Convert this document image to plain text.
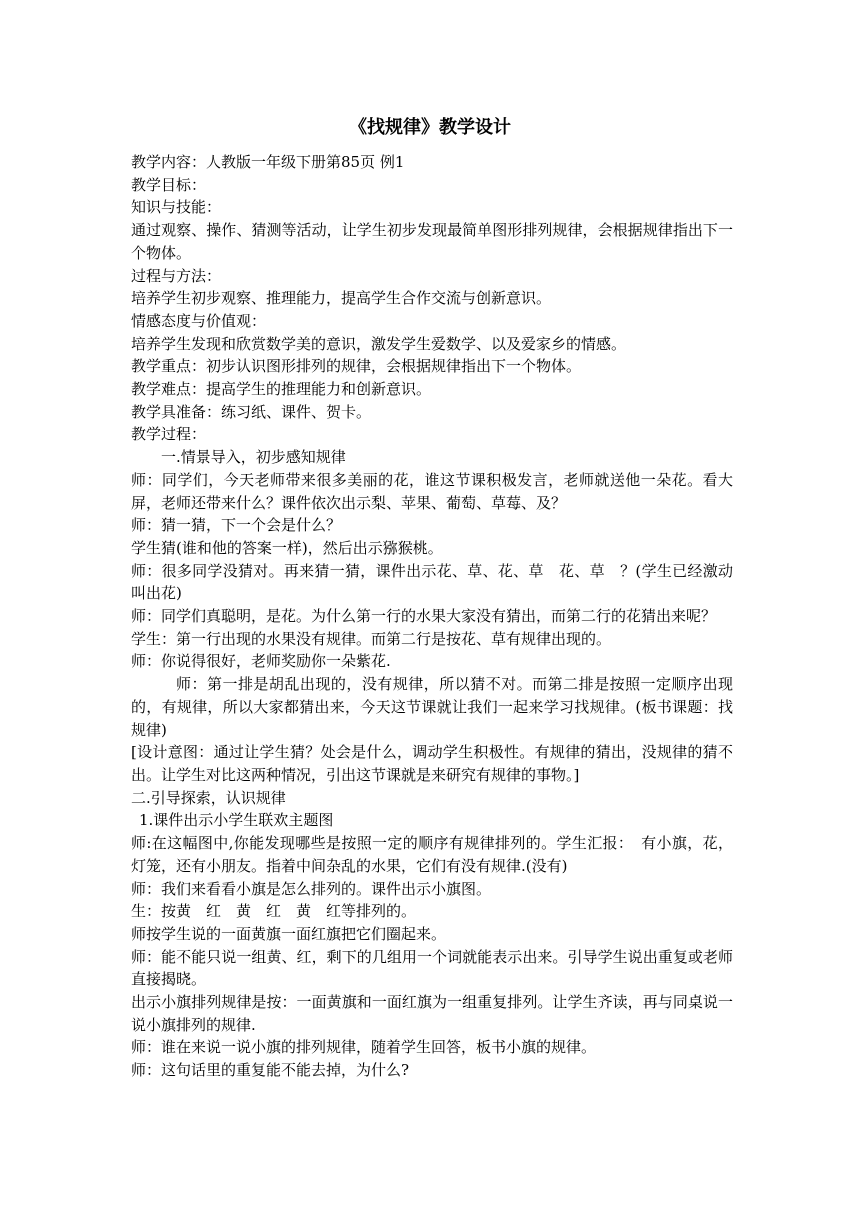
《找规律》教学设计

教学内容：人教版一年级下册第85页 例1

教学目标：

知识与技能：

通过观察、操作、猜测等活动，让学生初步发现最简单图形排列规律，会根据规律指出下一个物体。

过程与方法：

培养学生初步观察、推理能力，提高学生合作交流与创新意识。

情感态度与价值观：

培养学生发现和欣赏数学美的意识，激发学生爱数学、以及爱家乡的情感。

教学重点：初步认识图形排列的规律，会根据规律指出下一个物体。

教学难点：提高学生的推理能力和创新意识。

教学具准备：练习纸、课件、贺卡。

教学过程：

一.情景导入，初步感知规律

师：同学们，今天老师带来很多美丽的花，谁这节课积极发言，老师就送他一朵花。看大屏，老师还带来什么？课件依次出示梨、苹果、葡萄、草莓、及？

师：猜一猜，下一个会是什么？

学生猜(谁和他的答案一样)，然后出示猕猴桃。

师：很多同学没猜对。再来猜一猜，课件出示花、草、花、草　花、草　？(学生已经激动叫出花)

师：同学们真聪明，是花。为什么第一行的水果大家没有猜出，而第二行的花猜出来呢？

学生：第一行出现的水果没有规律。而第二行是按花、草有规律出现的。

师：你说得很好，老师奖励你一朵紫花.

师：第一排是胡乱出现的，没有规律，所以猜不对。而第二排是按照一定顺序出现的，有规律，所以大家都猜出来，今天这节课就让我们一起来学习找规律。(板书课题：找规律)

[设计意图：通过让学生猜？处会是什么，调动学生积极性。有规律的猜出，没规律的猜不出。让学生对比这两种情况，引出这节课就是来研究有规律的事物。]

二.引导探索，认识规律

1.课件出示小学生联欢主题图

师:在这幅图中,你能发现哪些是按照一定的顺序有规律排列的。学生汇报：　有小旗，花，灯笼，还有小朋友。指着中间杂乱的水果，它们有没有规律.(没有)

师：我们来看看小旗是怎么排列的。课件出示小旗图。

生：按黄　红　黄　红　黄　红等排列的。

师按学生说的一面黄旗一面红旗把它们圈起来。

师：能不能只说一组黄、红，剩下的几组用一个词就能表示出来。引导学生说出重复或老师直接揭晓。

出示小旗排列规律是按：一面黄旗和一面红旗为一组重复排列。让学生齐读，再与同桌说一说小旗排列的规律.

师：谁在来说一说小旗的排列规律，随着学生回答，板书小旗的规律。

师：这句话里的重复能不能去掉，为什么?
